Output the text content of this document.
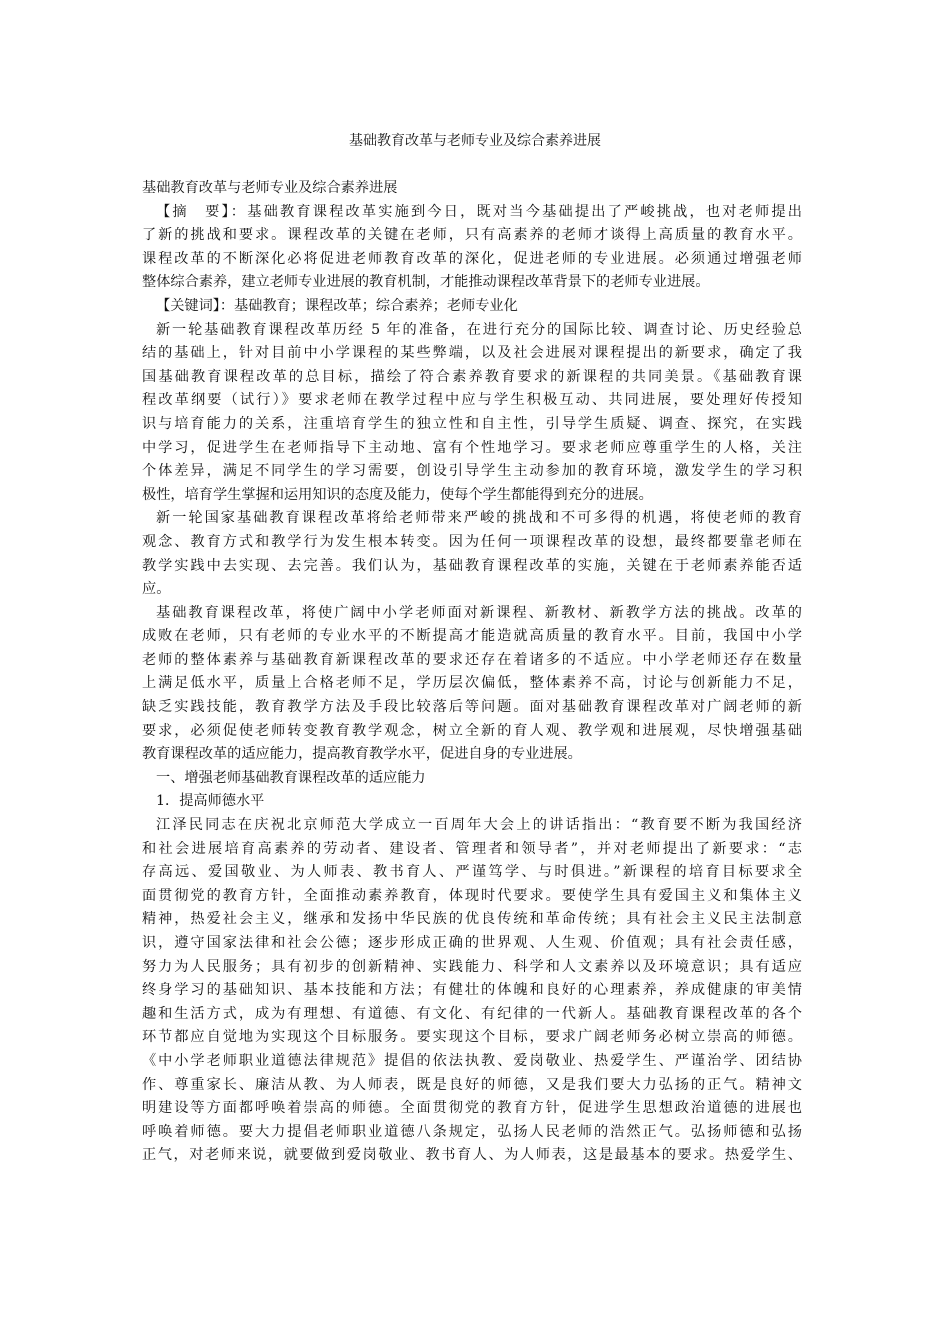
基础教育改革与老师专业及综合素养进展
基础教育改革与老师专业及综合素养进展
【摘　要】：基础教育课程改革实施到今日，既对当今基础提出了严峻挑战，也对老师提出
了新的挑战和要求。课程改革的关键在老师，只有高素养的老师才谈得上高质量的教育水平。
课程改革的不断深化必将促进老师教育改革的深化，促进老师的专业进展。必须通过增强老师
整体综合素养，建立老师专业进展的教育机制，才能推动课程改革背景下的老师专业进展。
【关键词】：基础教育；课程改革；综合素养；老师专业化
新一轮基础教育课程改革历经 5 年的准备，在进行充分的国际比较、调查讨论、历史经验总
结的基础上，针对目前中小学课程的某些弊端，以及社会进展对课程提出的新要求，确定了我
国基础教育课程改革的总目标，描绘了符合素养教育要求的新课程的共同美景。《基础教育课
程改革纲要（试行）》要求老师在教学过程中应与学生积极互动、共同进展，要处理好传授知
识与培育能力的关系，注重培育学生的独立性和自主性，引导学生质疑、调查、探究，在实践
中学习，促进学生在老师指导下主动地、富有个性地学习。要求老师应尊重学生的人格，关注
个体差异，满足不同学生的学习需要，创设引导学生主动参加的教育环境，激发学生的学习积
极性，培育学生掌握和运用知识的态度及能力，使每个学生都能得到充分的进展。
新一轮国家基础教育课程改革将给老师带来严峻的挑战和不可多得的机遇，将使老师的教育
观念、教育方式和教学行为发生根本转变。因为任何一项课程改革的设想，最终都要靠老师在
教学实践中去实现、去完善。我们认为，基础教育课程改革的实施，关键在于老师素养能否适
应。
基础教育课程改革，将使广阔中小学老师面对新课程、新教材、新教学方法的挑战。改革的
成败在老师，只有老师的专业水平的不断提高才能造就高质量的教育水平。目前，我国中小学
老师的整体素养与基础教育新课程改革的要求还存在着诸多的不适应。中小学老师还存在数量
上满足低水平，质量上合格老师不足，学历层次偏低，整体素养不高，讨论与创新能力不足，
缺乏实践技能，教育教学方法及手段比较落后等问题。面对基础教育课程改革对广阔老师的新
要求，必须促使老师转变教育教学观念，树立全新的育人观、教学观和进展观，尽快增强基础
教育课程改革的适应能力，提高教育教学水平，促进自身的专业进展。
一、增强老师基础教育课程改革的适应能力
1．提高师德水平
江泽民同志在庆祝北京师范大学成立一百周年大会上的讲话指出：“教育要不断为我国经济
和社会进展培育高素养的劳动者、建设者、管理者和领导者”，并对老师提出了新要求：“志
存高远、爱国敬业、为人师表、教书育人、严谨笃学、与时俱进。”新课程的培育目标要求全
面贯彻党的教育方针，全面推动素养教育，体现时代要求。要使学生具有爱国主义和集体主义
精神，热爱社会主义，继承和发扬中华民族的优良传统和革命传统；具有社会主义民主法制意
识，遵守国家法律和社会公德；逐步形成正确的世界观、人生观、价值观；具有社会责任感，
努力为人民服务；具有初步的创新精神、实践能力、科学和人文素养以及环境意识；具有适应
终身学习的基础知识、基本技能和方法；有健壮的体魄和良好的心理素养，养成健康的审美情
趣和生活方式，成为有理想、有道德、有文化、有纪律的一代新人。基础教育课程改革的各个
环节都应自觉地为实现这个目标服务。要实现这个目标，要求广阔老师务必树立崇高的师德。
《中小学老师职业道德法律规范》提倡的依法执教、爱岗敬业、热爱学生、严谨治学、团结协
作、尊重家长、廉洁从教、为人师表，既是良好的师德，又是我们要大力弘扬的正气。精神文
明建设等方面都呼唤着崇高的师德。全面贯彻党的教育方针，促进学生思想政治道德的进展也
呼唤着师德。要大力提倡老师职业道德八条规定，弘扬人民老师的浩然正气。弘扬师德和弘扬
正气，对老师来说，就要做到爱岗敬业、教书育人、为人师表，这是最基本的要求。热爱学生、
